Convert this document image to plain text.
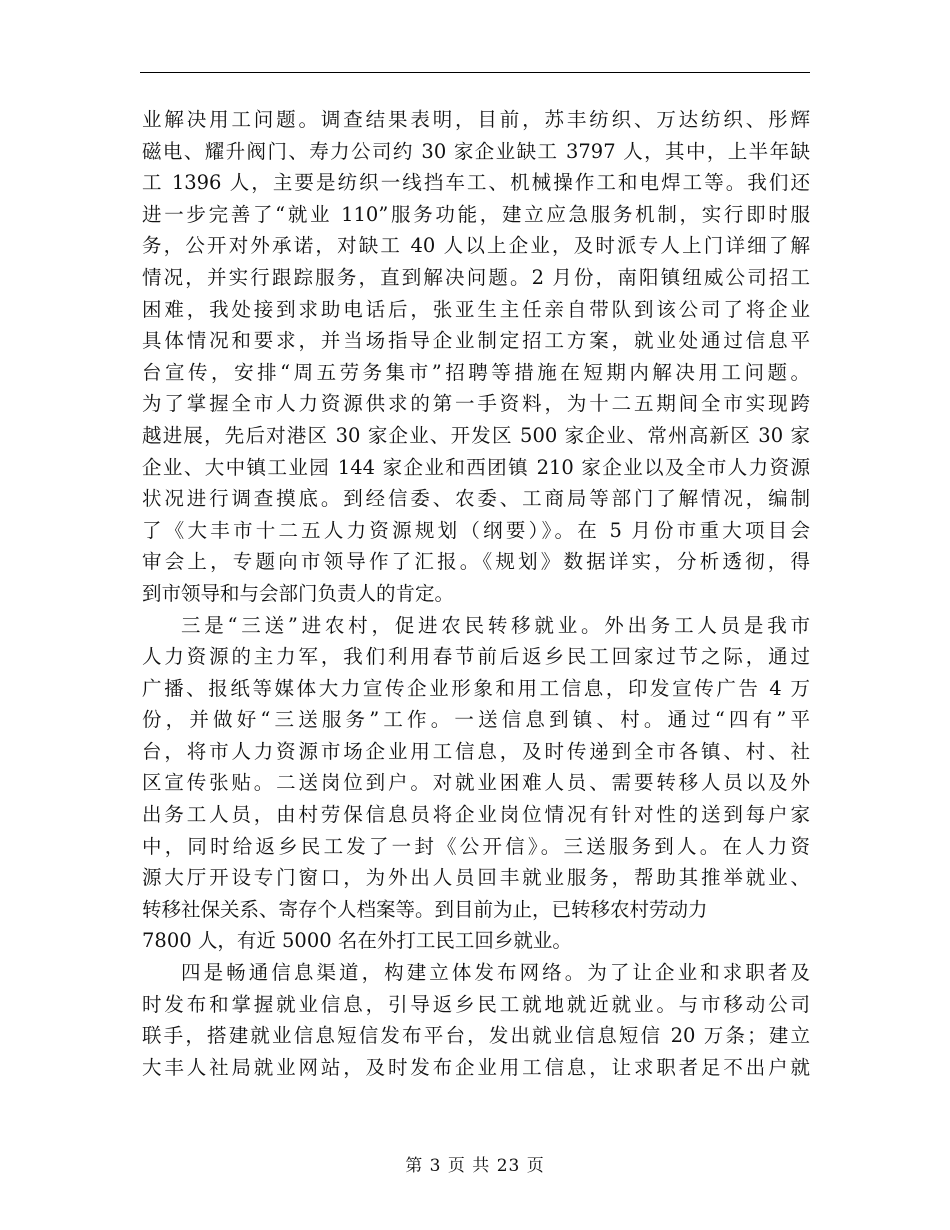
业解决用工问题。调查结果表明，目前，苏丰纺织、万达纺织、彤辉
磁电、耀升阀门、寿力公司约 30 家企业缺工 3797 人，其中，上半年缺
工 1396 人，主要是纺织一线挡车工、机械操作工和电焊工等。我们还
进一步完善了“就业 110”服务功能，建立应急服务机制，实行即时服
务，公开对外承诺，对缺工 40 人以上企业，及时派专人上门详细了解
情况，并实行跟踪服务，直到解决问题。2 月份，南阳镇纽威公司招工
困难，我处接到求助电话后，张亚生主任亲自带队到该公司了将企业
具体情况和要求，并当场指导企业制定招工方案，就业处通过信息平
台宣传，安排“周五劳务集市”招聘等措施在短期内解决用工问题。
为了掌握全市人力资源供求的第一手资料，为十二五期间全市实现跨
越进展，先后对港区 30 家企业、开发区 500 家企业、常州高新区 30 家
企业、大中镇工业园 144 家企业和西团镇 210 家企业以及全市人力资源
状况进行调查摸底。到经信委、农委、工商局等部门了解情况，编制
了《大丰市十二五人力资源规划（纲要）》。在 5 月份市重大项目会
审会上，专题向市领导作了汇报。《规划》数据详实，分析透彻，得
到市领导和与会部门负责人的肯定。
三是“三送”进农村，促进农民转移就业。外出务工人员是我市
人力资源的主力军，我们利用春节前后返乡民工回家过节之际，通过
广播、报纸等媒体大力宣传企业形象和用工信息，印发宣传广告 4 万
份，并做好“三送服务”工作。一送信息到镇、村。通过“四有”平
台，将市人力资源市场企业用工信息，及时传递到全市各镇、村、社
区宣传张贴。二送岗位到户。对就业困难人员、需要转移人员以及外
出务工人员，由村劳保信息员将企业岗位情况有针对性的送到每户家
中，同时给返乡民工发了一封《公开信》。三送服务到人。在人力资
源大厅开设专门窗口，为外出人员回丰就业服务，帮助其推举就业、
转移社保关系、寄存个人档案等。到目前为止，已转移农村劳动力
7800 人，有近 5000 名在外打工民工回乡就业。
四是畅通信息渠道，构建立体发布网络。为了让企业和求职者及
时发布和掌握就业信息，引导返乡民工就地就近就业。与市移动公司
联手，搭建就业信息短信发布平台，发出就业信息短信 20 万条；建立
大丰人社局就业网站，及时发布企业用工信息，让求职者足不出户就
第 3 页 共 23 页
